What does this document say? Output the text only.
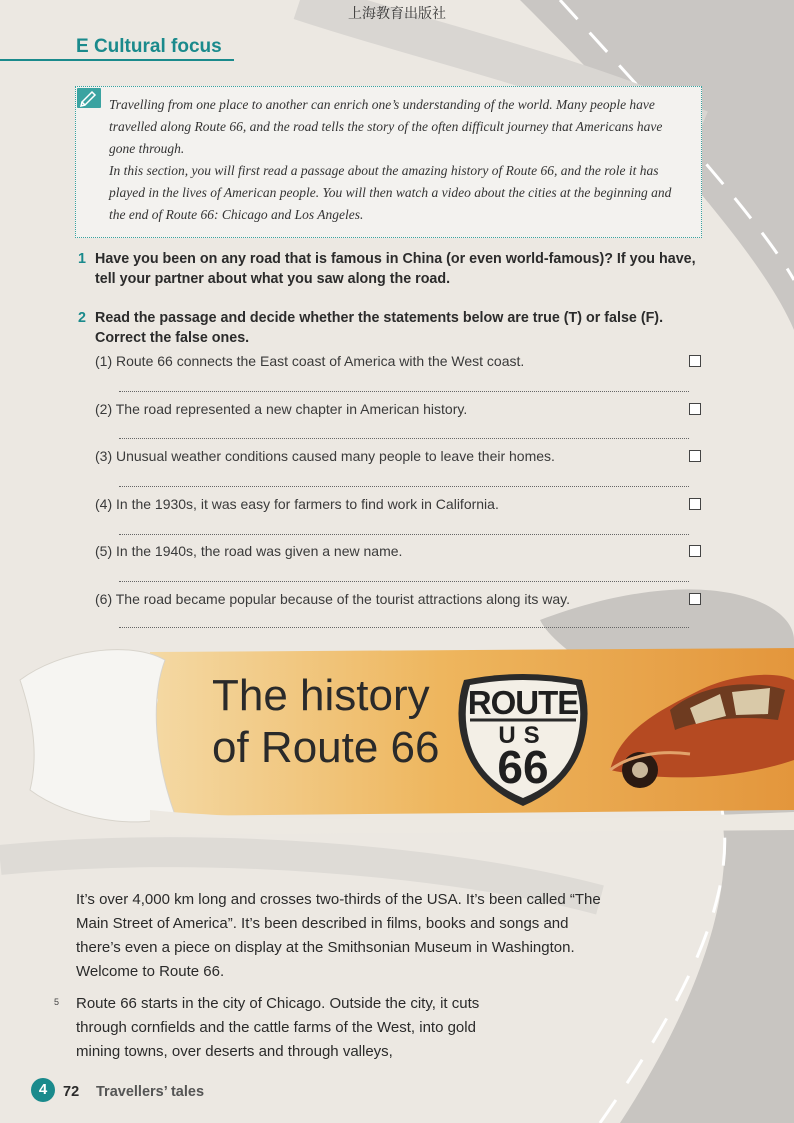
上海教育出版社
E Cultural focus

Travelling from one place to another can enrich one’s understanding of the world. Many people have travelled along Route 66, and the road tells the story of the often difficult journey that Americans have gone through.

In this section, you will first read a passage about the amazing history of Route 66, and the role it has played in the lives of American people. You will then watch a video about the cities at the beginning and the end of Route 66: Chicago and Los Angeles.

1 Have you been on any road that is famous in China (or even world-famous)? If you have, tell your partner about what you saw along the road.
2 Read the passage and decide whether the statements below are true (T) or false (F). Correct the false ones.
(1) Route 66 connects the East coast of America with the West coast.
(2) The road represented a new chapter in American history.
(3) Unusual weather conditions caused many people to leave their homes.
(4) In the 1930s, it was easy for farmers to find work in California.
(5) In the 1940s, the road was given a new name.
(6) The road became popular because of the tourist attractions along its way.
The history
of Route 66
ROUTE
US
66
It’s over 4,000 km long and crosses two-thirds of the USA. It’s been called “The Main Street of America”. It’s been described in films, books and songs and there’s even a piece on display at the Smithsonian Museum in Washington. Welcome to Route 66.
5 Route 66 starts in the city of Chicago. Outside the city, it cuts through cornfields and the cattle farms of the West, into gold mining towns, over deserts and through valleys,
4	72 Travellers’ tales
